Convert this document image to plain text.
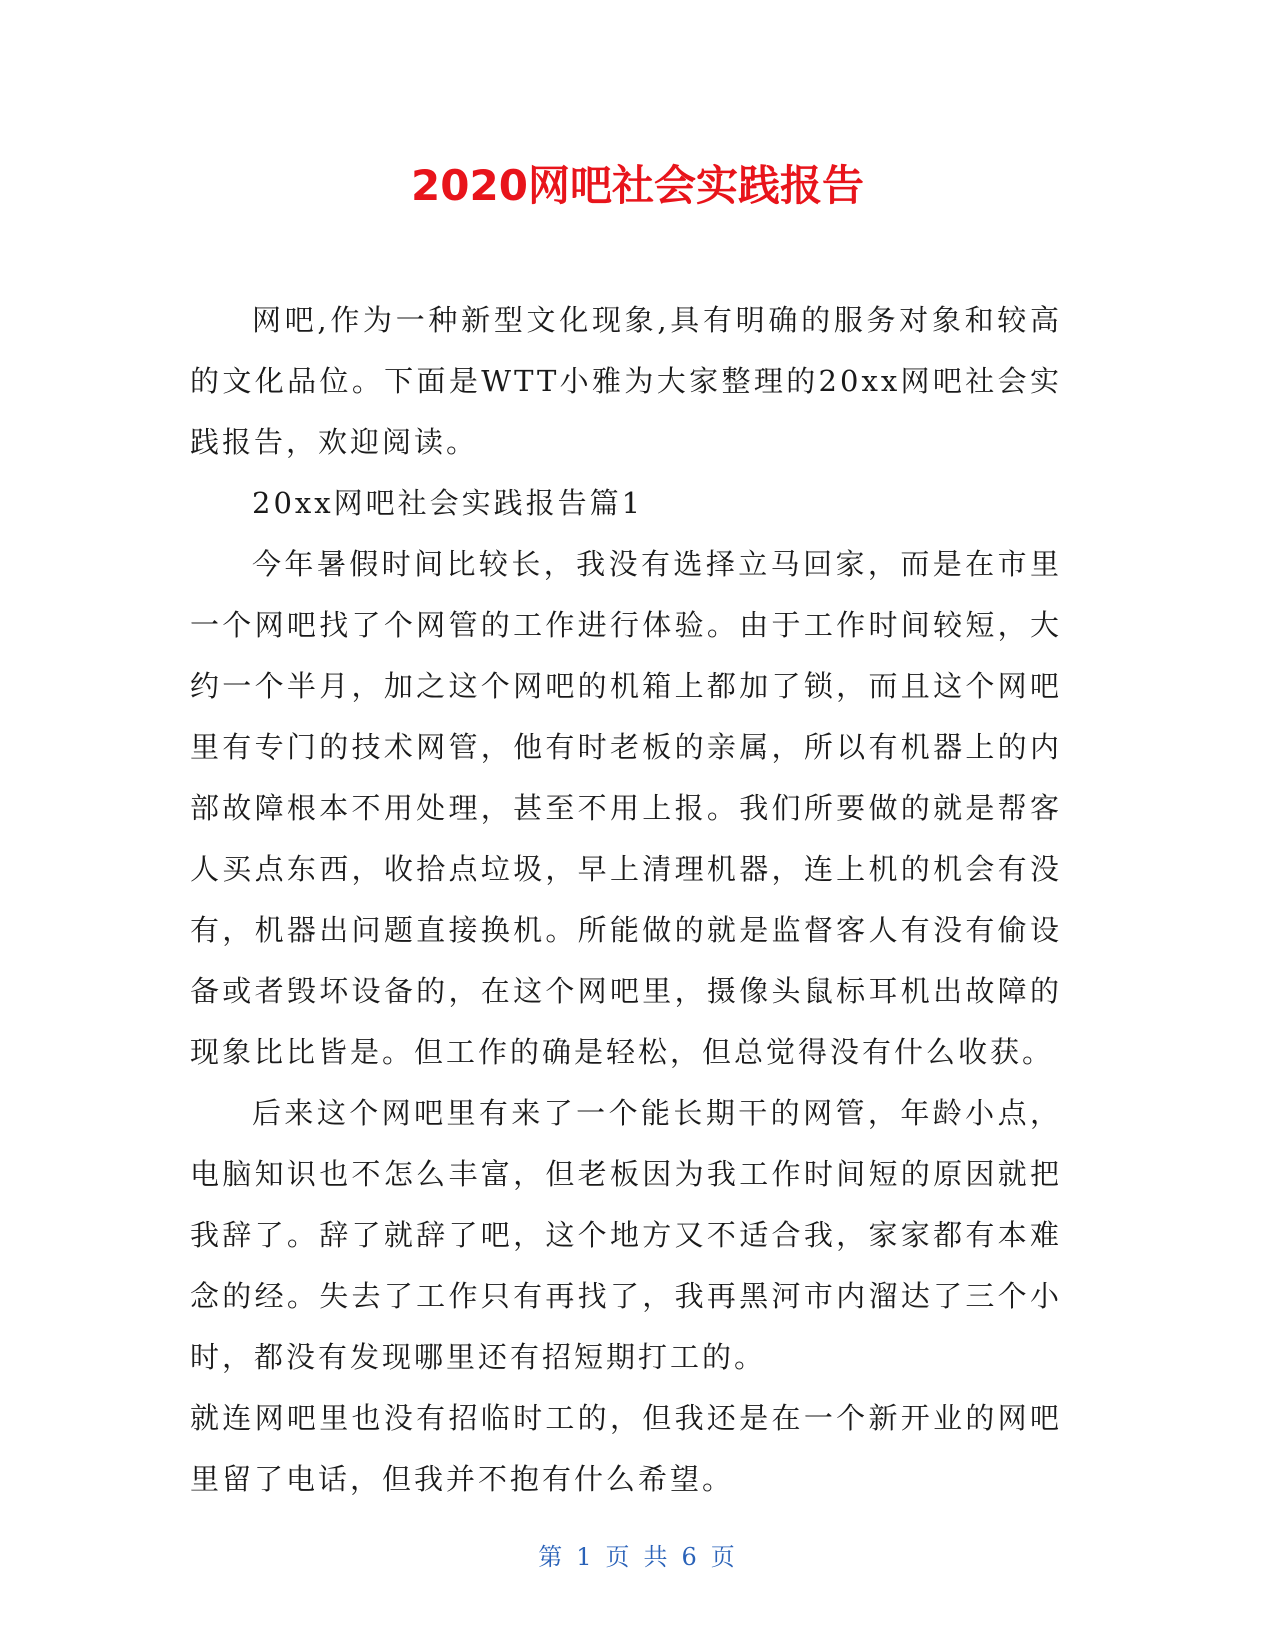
2020网吧社会实践报告

网吧,作为一种新型文化现象,具有明确的服务对象和较高的文化品位。下面是WTT小雅为大家整理的20xx网吧社会实践报告，欢迎阅读。

20xx网吧社会实践报告篇1

今年暑假时间比较长，我没有选择立马回家，而是在市里一个网吧找了个网管的工作进行体验。由于工作时间较短，大约一个半月，加之这个网吧的机箱上都加了锁，而且这个网吧里有专门的技术网管，他有时老板的亲属，所以有机器上的内部故障根本不用处理，甚至不用上报。我们所要做的就是帮客人买点东西，收拾点垃圾，早上清理机器，连上机的机会有没有，机器出问题直接换机。所能做的就是监督客人有没有偷设备或者毁坏设备的，在这个网吧里，摄像头鼠标耳机出故障的现象比比皆是。但工作的确是轻松，但总觉得没有什么收获。

后来这个网吧里有来了一个能长期干的网管，年龄小点，电脑知识也不怎么丰富，但老板因为我工作时间短的原因就把我辞了。辞了就辞了吧，这个地方又不适合我，家家都有本难念的经。失去了工作只有再找了，我再黑河市内溜达了三个小时，都没有发现哪里还有招短期打工的。

就连网吧里也没有招临时工的，但我还是在一个新开业的网吧里留了电话，但我并不抱有什么希望。

第 1 页 共 6 页
